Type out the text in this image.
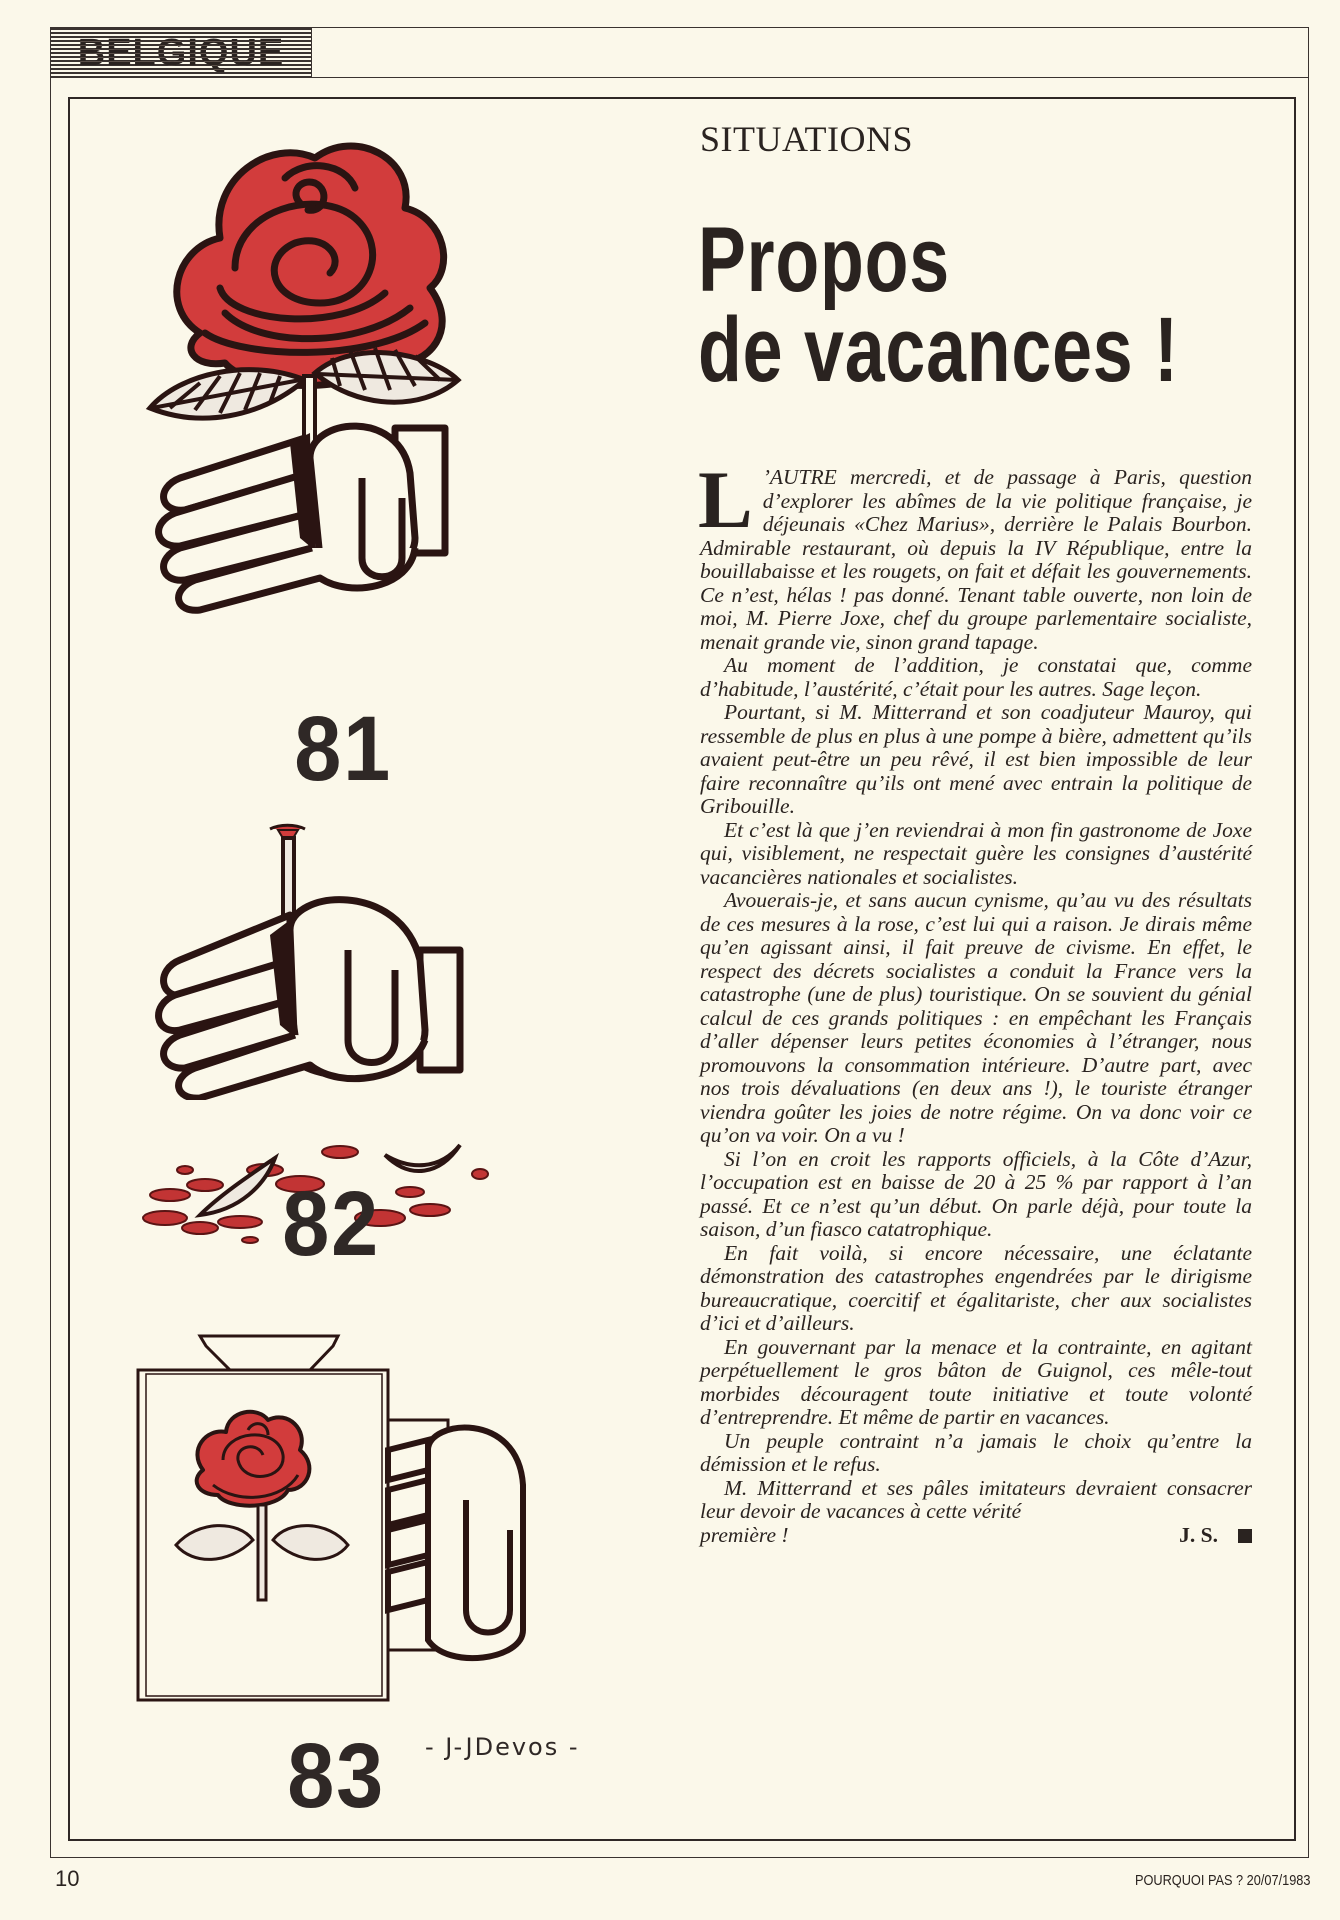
BELGIQUE
81
82
- J-JDevos -
83
SITUATIONS
Propos
de vacances !

L ’AUTRE mercredi, et de passage à Paris, question d’explorer les abîmes de la vie politique française, je déjeunais «Chez Marius», derrière le Palais Bourbon. Admirable restaurant, où depuis la IV République, entre la bouillabaisse et les rougets, on fait et défait les gouvernements. Ce n’est, hélas ! pas donné. Tenant table ouverte, non loin de moi, M. Pierre Joxe, chef du groupe parlementaire socialiste, menait grande vie, sinon grand tapage.

Au moment de l’addition, je constatai que, comme d’habitude, l’austérité, c’était pour les autres. Sage leçon.

Pourtant, si M. Mitterrand et son coadjuteur Mauroy, qui ressemble de plus en plus à une pompe à bière, admettent qu’ils avaient peut-être un peu rêvé, il est bien impossible de leur faire reconnaître qu’ils ont mené avec entrain la politique de Gribouille.

Et c’est là que j’en reviendrai à mon fin gastronome de Joxe qui, visiblement, ne respectait guère les consignes d’austérité vacancières nationales et socialistes.

Avouerais-je, et sans aucun cynisme, qu’au vu des résultats de ces mesures à la rose, c’est lui qui a raison. Je dirais même qu’en agissant ainsi, il fait preuve de civisme. En effet, le respect des décrets socialistes a conduit la France vers la catastrophe (une de plus) touristique. On se souvient du génial calcul de ces grands politiques : en empêchant les Français d’aller dépenser leurs petites économies à l’étranger, nous promouvons la consommation intérieure. D’autre part, avec nos trois dévaluations (en deux ans !), le touriste étranger viendra goûter les joies de notre régime. On va donc voir ce qu’on va voir. On a vu !

Si l’on en croit les rapports officiels, à la Côte d’Azur, l’occupation est en baisse de 20 à 25 % par rapport à l’an passé. Et ce n’est qu’un début. On parle déjà, pour toute la saison, d’un fiasco catatrophique.

En fait voilà, si encore nécessaire, une éclatante démonstration des catastrophes engendrées par le dirigisme bureaucratique, coercitif et égalitariste, cher aux socialistes d’ici et d’ailleurs.

En gouvernant par la menace et la contrainte, en agitant perpétuellement le gros bâton de Guignol, ces mêle-tout morbides découragent toute initiative et toute volonté d’entreprendre. Et même de partir en vacances.

Un peuple contraint n’a jamais le choix qu’entre la démission et le refus.

M. Mitterrand et ses pâles imitateurs devraient consacrer leur devoir de vacances à cette vérité

première !	J. S.
10	POURQUOI PAS ? 20/07/1983
